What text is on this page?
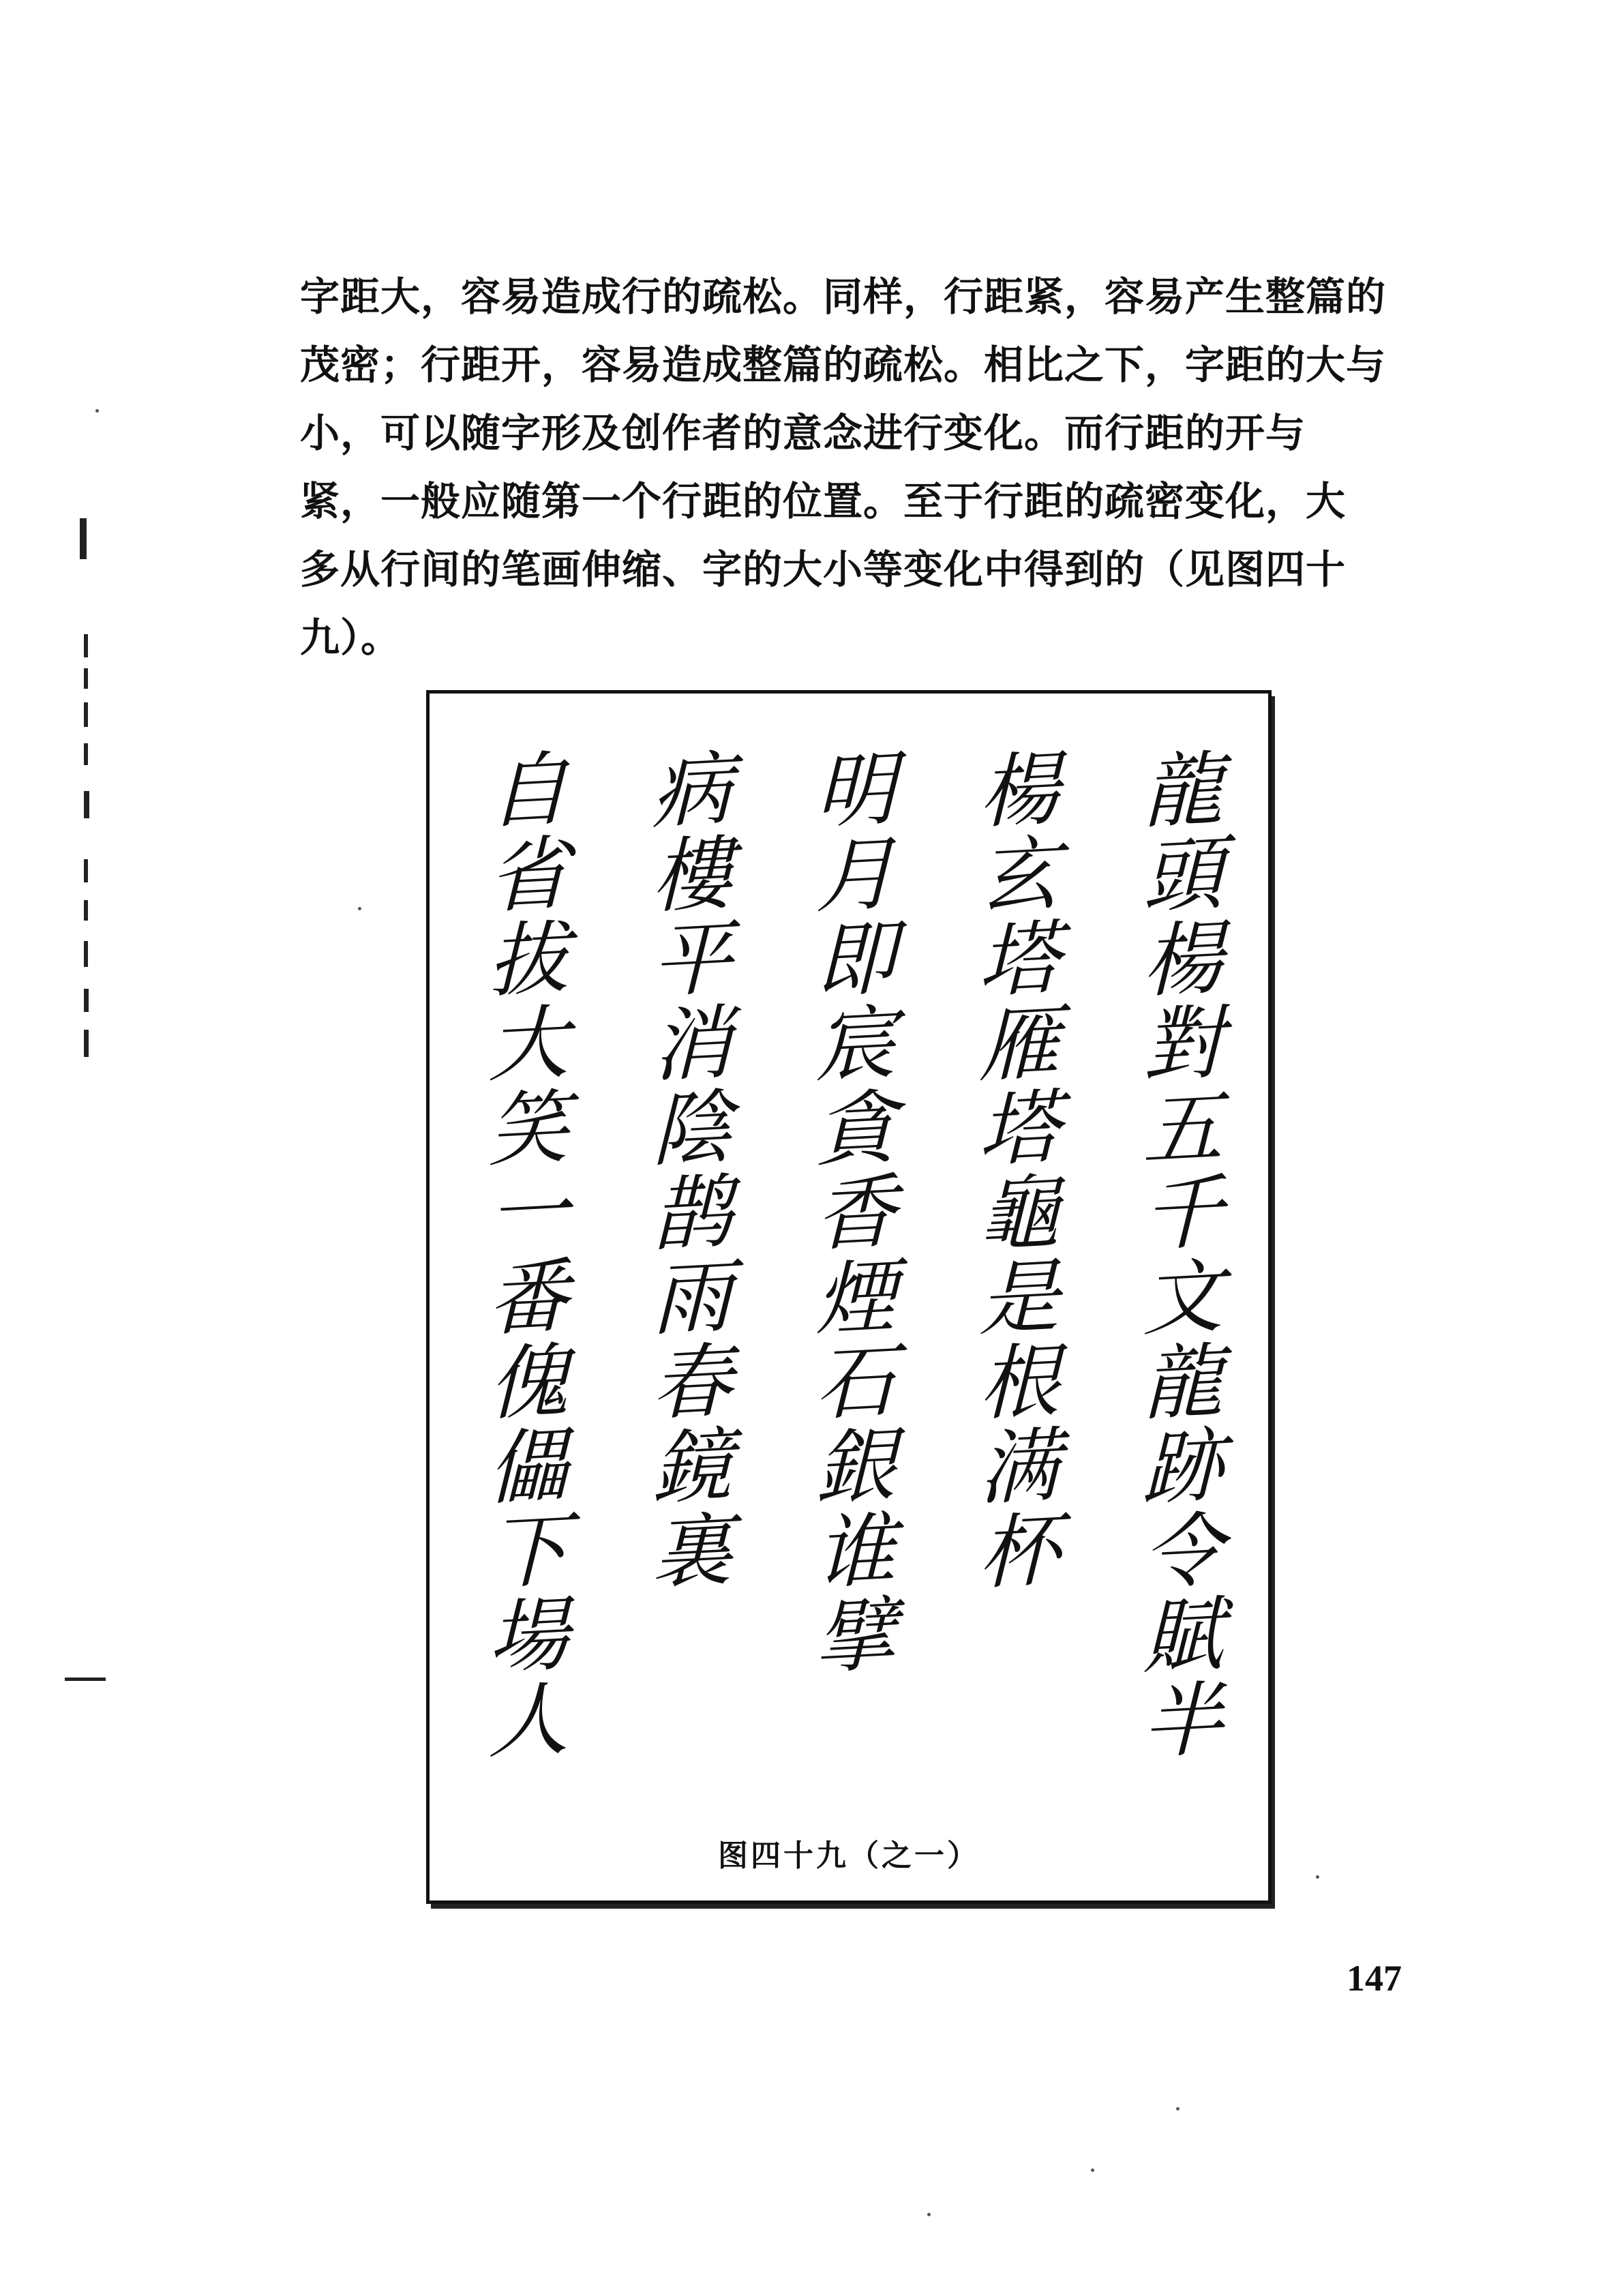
字距大，容易造成行的疏松。同样，行距紧，容易产生整篇的

茂密；行距开，容易造成整篇的疏松。相比之下，字距的大与

小，可以随字形及创作者的意念进行变化。而行距的开与

紧，一般应随第一个行距的位置。至于行距的疏密变化，大

多从行间的笔画伸缩、字的大小等变化中得到的（见图四十

九）。

龍頭楊對五千文龍跡令賦半
楊玄塔雁塔龜是根满杯
明月即宸貪香煙石銀谁擘
病樓平消陰鹊雨春鏡裏
自省拔大笑一番傀儡下場人
图四十九（之一）
147
